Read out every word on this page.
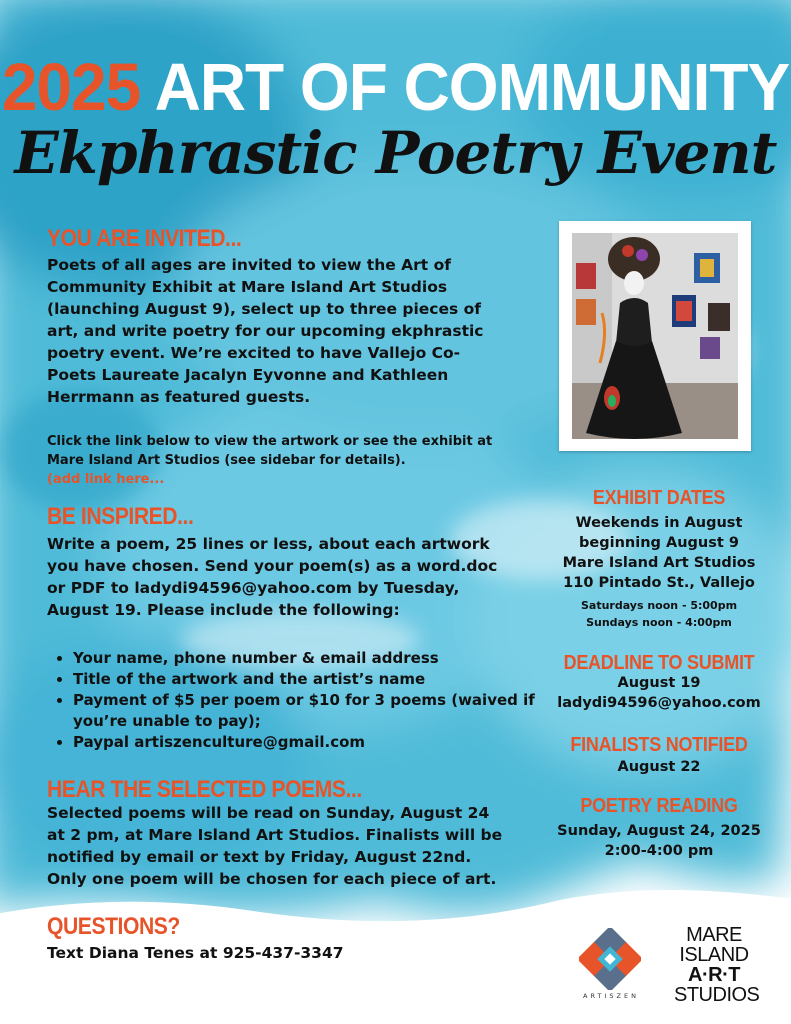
2025 ART OF COMMUNITY
Ekphrastic Poetry Event
YOU ARE INVITED...
Poets of all ages are invited to view the Art of
Community Exhibit at Mare Island Art Studios
(launching August 9), select up to three pieces of
art, and write poetry for our upcoming ekphrastic
poetry event. We’re excited to have Vallejo Co-
Poets Laureate Jacalyn Eyvonne and Kathleen
Herrmann as featured guests.
Click the link below to view the artwork or see the exhibit at
Mare Island Art Studios (see sidebar for details).
(add link here...
BE INSPIRED...
Write a poem, 25 lines or less, about each artwork
you have chosen. Send your poem(s) as a word.doc
or PDF to ladydi94596@yahoo.com by Tuesday,
August 19. Please include the following:
• Your name, phone number & email address
• Title of the artwork and the artist’s name
• Payment of $5 per poem or $10 for 3 poems (waived if you’re unable to pay);
• Paypal artiszenculture@gmail.com
HEAR THE SELECTED POEMS...
Selected poems will be read on Sunday, August 24
at 2 pm, at Mare Island Art Studios. Finalists will be
notified by email or text by Friday, August 22nd.
Only one poem will be chosen for each piece of art.
QUESTIONS?
Text Diana Tenes at 925-437-3347
EXHIBIT DATES
Weekends in August
beginning August 9
Mare Island Art Studios
110 Pintado St., Vallejo
Saturdays noon - 5:00pm
Sundays noon - 4:00pm
DEADLINE TO SUBMIT
August 19
ladydi94596@yahoo.com
FINALISTS NOTIFIED
August 22
POETRY READING
Sunday, August 24, 2025
2:00-4:00 pm
ARTISZEN
MARE
ISLAND
A·R·T
STUDIOS
